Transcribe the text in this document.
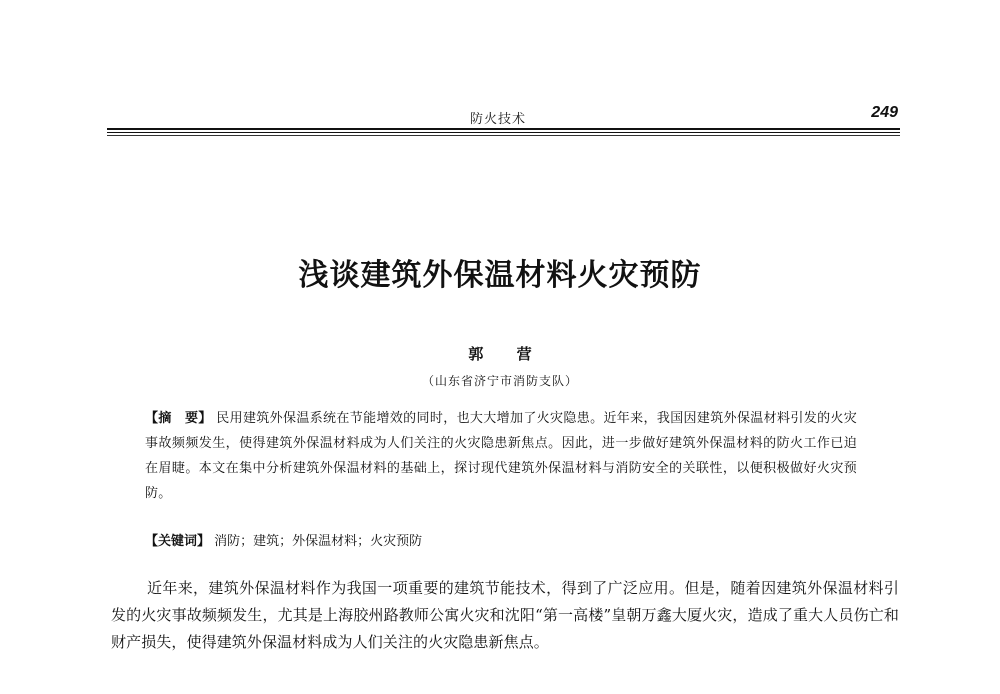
防火技术	249
浅谈建筑外保温材料火灾预防
郭 营
（山东省济宁市消防支队）
【摘　要】 民用建筑外保温系统在节能增效的同时，也大大增加了火灾隐患。近年来，我国因建筑外保温材料引发的火灾事故频频发生，使得建筑外保温材料成为人们关注的火灾隐患新焦点。因此，进一步做好建筑外保温材料的防火工作已迫在眉睫。本文在集中分析建筑外保温材料的基础上，探讨现代建筑外保温材料与消防安全的关联性，以便积极做好火灾预防。
【关键词】 消防；建筑；外保温材料；火灾预防
近年来，建筑外保温材料作为我国一项重要的建筑节能技术，得到了广泛应用。但是，随着因建筑外保温材料引发的火灾事故频频发生，尤其是上海胶州路教师公寓火灾和沈阳“第一高楼”皇朝万鑫大厦火灾，造成了重大人员伤亡和财产损失，使得建筑外保温材料成为人们关注的火灾隐患新焦点。
